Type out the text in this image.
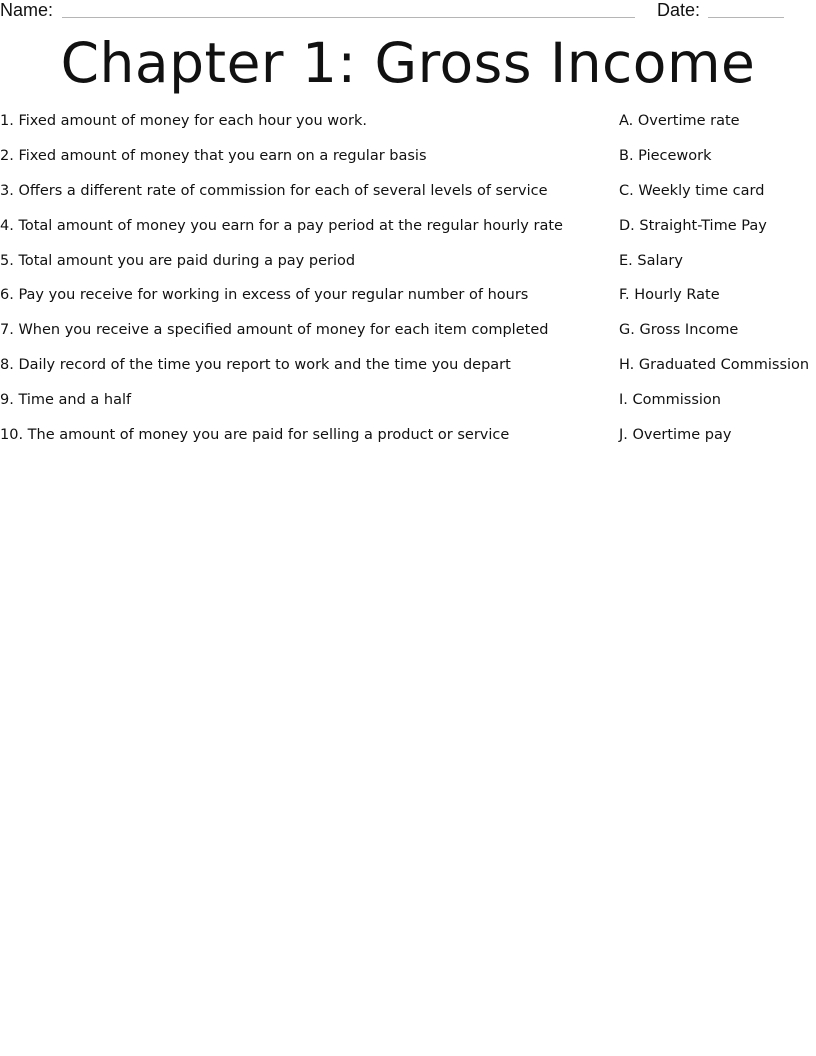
Name:	Date:
Chapter 1: Gross Income
1. Fixed amount of money for each hour you work.
2. Fixed amount of money that you earn on a regular basis
3. Offers a different rate of commission for each of several levels of service
4. Total amount of money you earn for a pay period at the regular hourly rate
5. Total amount you are paid during a pay period
6. Pay you receive for working in excess of your regular number of hours
7. When you receive a specified amount of money for each item completed
8. Daily record of the time you report to work and the time you depart
9. Time and a half
10. The amount of money you are paid for selling a product or service
A. Overtime rate
B. Piecework
C. Weekly time card
D. Straight-Time Pay
E. Salary
F. Hourly Rate
G. Gross Income
H. Graduated Commission
I. Commission
J. Overtime pay
